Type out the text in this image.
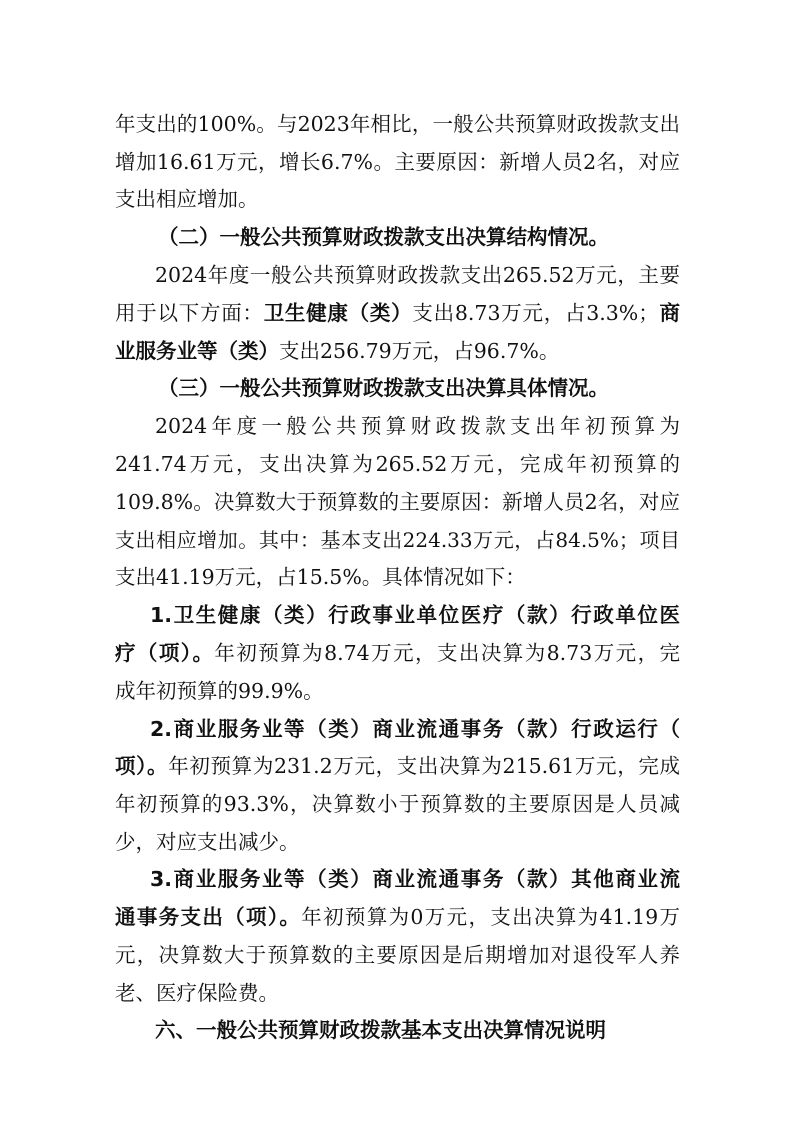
年支出的100%。与2023年相比，一般公共预算财政拨款支出
增加16.61万元，增长6.7%。主要原因：新增人员2名，对应
支出相应增加。
（二）一般公共预算财政拨款支出决算结构情况。
2024年度一般公共预算财政拨款支出265.52万元，主要
用于以下方面：卫生健康（类）支出8.73万元，占3.3%；商
业服务业等（类）支出256.79万元，占96.7%。
（三）一般公共预算财政拨款支出决算具体情况。
2024年度一般公共预算财政拨款支出年初预算为
241.74万元，支出决算为265.52万元，完成年初预算的
109.8%。决算数大于预算数的主要原因：新增人员2名，对应
支出相应增加。其中：基本支出224.33万元，占84.5%；项目
支出41.19万元，占15.5%。具体情况如下：
1.卫生健康（类）行政事业单位医疗（款）行政单位医
疗（项）。年初预算为8.74万元，支出决算为8.73万元，完
成年初预算的99.9%。
2.商业服务业等（类）商业流通事务（款）行政运行（
项）。年初预算为231.2万元，支出决算为215.61万元，完成
年初预算的93.3%，决算数小于预算数的主要原因是人员减
少，对应支出减少。
3.商业服务业等（类）商业流通事务（款）其他商业流
通事务支出（项）。年初预算为0万元，支出决算为41.19万
元，决算数大于预算数的主要原因是后期增加对退役军人养
老、医疗保险费。
六、一般公共预算财政拨款基本支出决算情况说明
